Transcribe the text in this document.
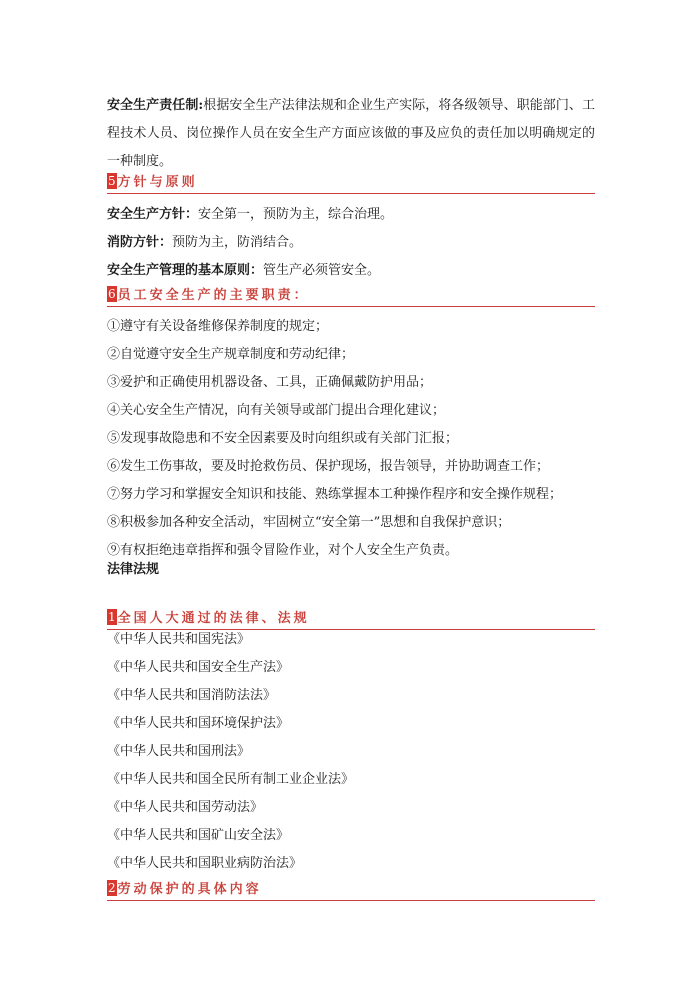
安全生产责任制:根据安全生产法律法规和企业生产实际，将各级领导、职能部门、工程技术人员、岗位操作人员在安全生产方面应该做的事及应负的责任加以明确规定的一种制度。

5 方针与原则

安全生产方针：安全第一，预防为主，综合治理。

消防方针：预防为主，防消结合。

安全生产管理的基本原则：管生产必须管安全。

6 员工安全生产的主要职责：

①遵守有关设备维修保养制度的规定；

②自觉遵守安全生产规章制度和劳动纪律；

③爱护和正确使用机器设备、工具，正确佩戴防护用品；

④关心安全生产情况，向有关领导或部门提出合理化建议；

⑤发现事故隐患和不安全因素要及时向组织或有关部门汇报；

⑥发生工伤事故，要及时抢救伤员、保护现场，报告领导，并协助调查工作；

⑦努力学习和掌握安全知识和技能、熟练掌握本工种操作程序和安全操作规程；

⑧积极参加各种安全活动，牢固树立“安全第一”思想和自我保护意识；

⑨有权拒绝违章指挥和强令冒险作业，对个人安全生产负责。

法律法规

1 全国人大通过的法律、法规

《中华人民共和国宪法》

《中华人民共和国安全生产法》

《中华人民共和国消防法法》

《中华人民共和国环境保护法》

《中华人民共和国刑法》

《中华人民共和国全民所有制工业企业法》

《中华人民共和国劳动法》

《中华人民共和国矿山安全法》

《中华人民共和国职业病防治法》

2 劳动保护的具体内容
